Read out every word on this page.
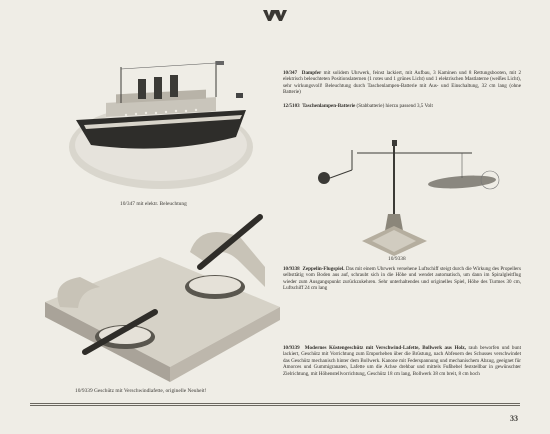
10/347 mit elektr. Beleuchtung
10/9338
10/9339 Geschütz mit Verschwindlafette, originelle Neuheit!
10/347 Dampfer mit solidem Uhrwerk, feinst lackiert, mit Aufbau, 3 Kaminen und 8 Rettungsbooten, mit 2 elektrisch beleuchteten Positionslaternen (1 rotes und 1 grünes Licht) und 1 elektrischen Mastlaterne (weißes Licht), sehr wirkungsvoll! Beleuchtung durch Taschenlampen-Batterie mit Aus- und Einschaltung, 32 cm lang (ohne Batterie)
12/5103 Taschenlampen-Batterie (Stabbatterie) hierzu passend 3,5 Volt
10/9338 Zeppelin-Flugspiel. Das mit einem Uhrwerk versehene Luftschiff steigt durch die Wirkung des Propellers selbsttätig vom Boden aus auf, schraubt sich in die Höhe und wendet automatisch, um dann im Spiralgleitflug wieder zum Ausgangspunkt zurückzukehren. Sehr unterhaltendes und originelles Spiel, Höhe des Turmes 30 cm, Luftschiff 24 cm lang
10/9339 Modernes Küstengeschütz mit Verschwind-Lafette, Bollwerk aus Holz, rauh beworfen und bunt lackiert, Geschütz mit Vorrichtung zum Emporheben über die Brüstung, nach Abfeuern des Schusses verschwindet das Geschütz mechanisch hinter dem Bollwerk. Kanone mit Federspannung und mechanischem Abzug, geeignet für Amorces und Gummigranaten, Lafette um die Achse drehbar und mittels Fußhebel feststellbar in gewünschter Zielrichtung, mit Höhenstellvorrichtung, Geschütz 18 cm lang, Bollwerk 38 cm breit, 8 cm hoch
33
